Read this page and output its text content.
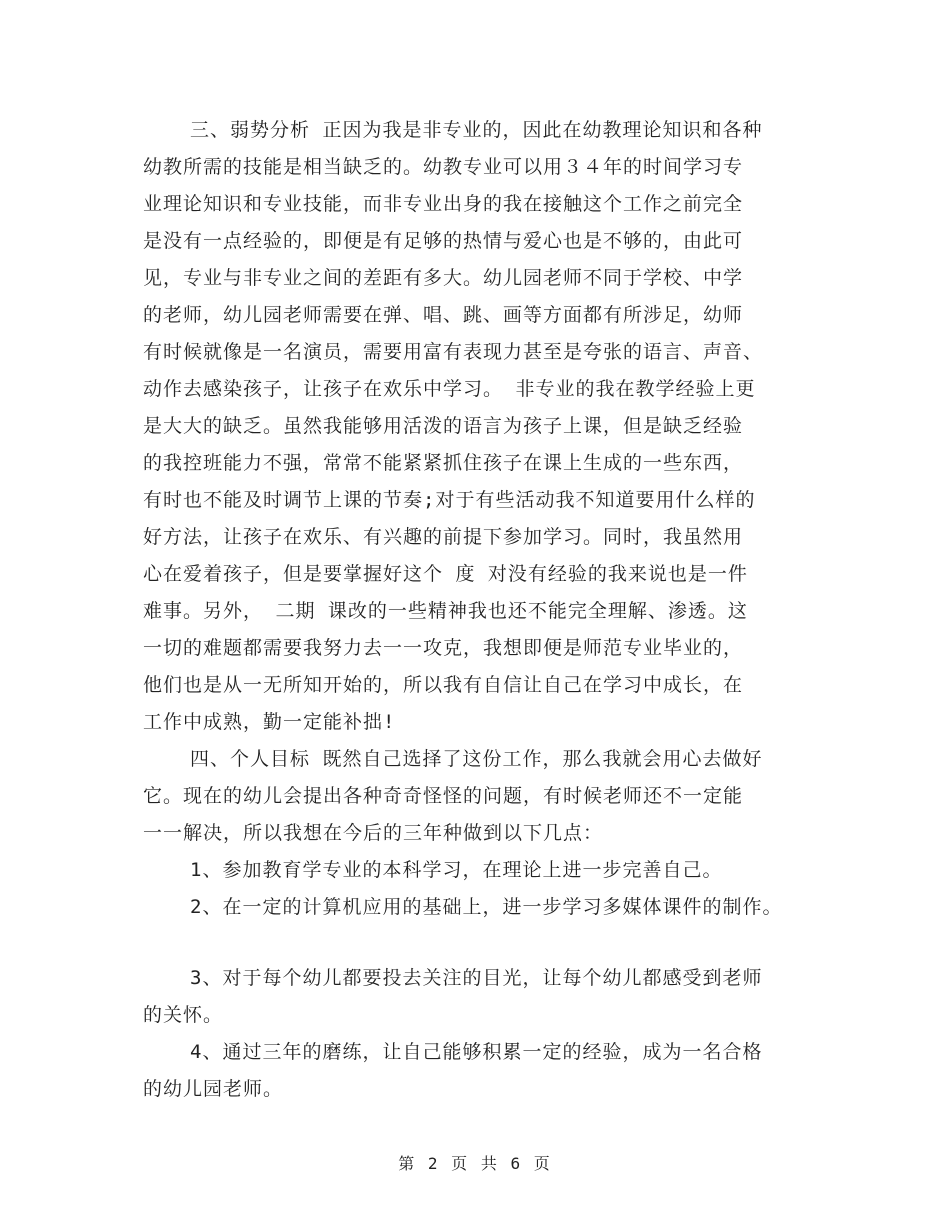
三、弱势分析 正因为我是非专业的，因此在幼教理论知识和各种
幼教所需的技能是相当缺乏的。幼教专业可以用３４年的时间学习专
业理论知识和专业技能，而非专业出身的我在接触这个工作之前完全
是没有一点经验的，即便是有足够的热情与爱心也是不够的，由此可
见，专业与非专业之间的差距有多大。幼儿园老师不同于学校、中学
的老师，幼儿园老师需要在弹、唱、跳、画等方面都有所涉足，幼师
有时候就像是一名演员，需要用富有表现力甚至是夸张的语言、声音、
动作去感染孩子，让孩子在欢乐中学习。 非专业的我在教学经验上更
是大大的缺乏。虽然我能够用活泼的语言为孩子上课，但是缺乏经验
的我控班能力不强，常常不能紧紧抓住孩子在课上生成的一些东西，
有时也不能及时调节上课的节奏;对于有些活动我不知道要用什么样的
好方法，让孩子在欢乐、有兴趣的前提下参加学习。同时，我虽然用
心在爱着孩子，但是要掌握好这个 度 对没有经验的我来说也是一件
难事。另外， 二期 课改的一些精神我也还不能完全理解、渗透。这
一切的难题都需要我努力去一一攻克，我想即便是师范专业毕业的，
他们也是从一无所知开始的，所以我有自信让自己在学习中成长，在
工作中成熟，勤一定能补拙!
四、个人目标 既然自己选择了这份工作，那么我就会用心去做好
它。现在的幼儿会提出各种奇奇怪怪的问题，有时候老师还不一定能
一一解决，所以我想在今后的三年种做到以下几点：
1、参加教育学专业的本科学习，在理论上进一步完善自己。
2、在一定的计算机应用的基础上，进一步学习多媒体课件的制作。
3、对于每个幼儿都要投去关注的目光，让每个幼儿都感受到老师
的关怀。
4、通过三年的磨练，让自己能够积累一定的经验，成为一名合格
的幼儿园老师。
第 2 页 共 6 页
